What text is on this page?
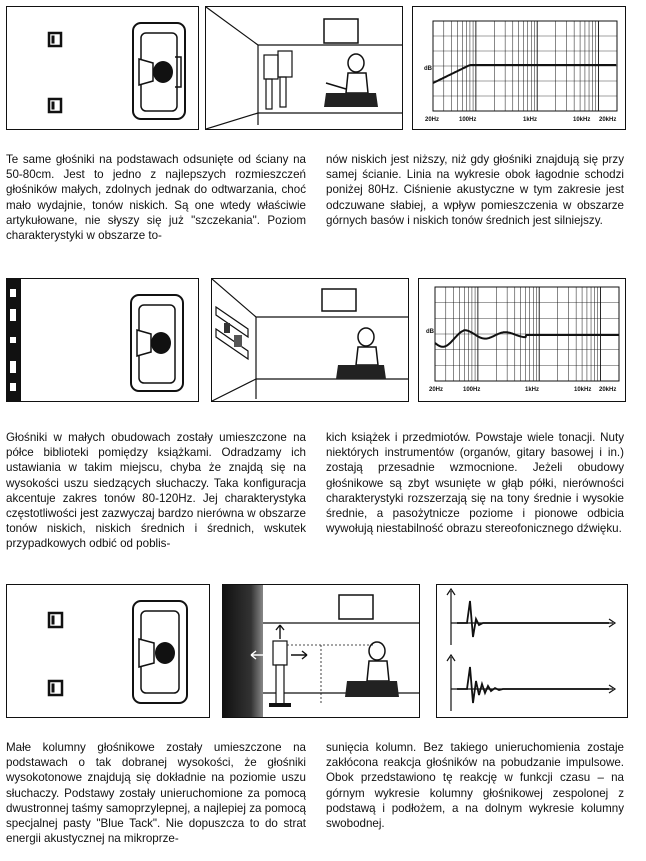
dB
20Hz	100Hz	1kHz	10kHz 20kHz

Te same głośniki na podstawach odsunięte od ściany na 50-80cm. Jest to jedno z najlepszych rozmieszczeń głośników małych, zdolnych jednak do odtwarzania, choć mało wydajnie, tonów niskich. Są one wtedy właściwie artykułowane, nie słyszy się już "szczekania". Poziom charakterystyki w obszarze to-

nów niskich jest niższy, niż gdy głośniki znajdują się przy samej ścianie. Linia na wykresie obok łagodnie schodzi poniżej 80Hz. Ciśnienie akustyczne w tym zakresie jest odczuwane słabiej, a wpływ pomieszczenia w obszarze górnych basów i niskich tonów średnich jest silniejszy.

dB
20Hz	100Hz	1kHz	10kHz 20kHz

Głośniki w małych obudowach zostały umieszczone na półce biblioteki pomiędzy książkami. Odradzamy ich ustawiania w takim miejscu, chyba że znajdą się na wysokości uszu siedzących słuchaczy. Taka konfiguracja akcentuje zakres tonów 80-120Hz. Jej charakterystyka częstotliwości jest zazwyczaj bardzo nierówna w obszarze tonów niskich, niskich średnich i średnich, wskutek przypadkowych odbić od poblis-

kich książek i przedmiotów. Powstaje wiele tonacji. Nuty niektórych instrumentów (organów, gitary basowej i in.) zostają przesadnie wzmocnione. Jeżeli obudowy głośnikowe są zbyt wsunięte w głąb półki, nierówności charakterystyki rozszerzają się na tony średnie i wysokie średnie, a pasożytnicze poziome i pionowe odbicia wywołują niestabilność obrazu stereofonicznego dźwięku.

Małe kolumny głośnikowe zostały umieszczone na podstawach o tak dobranej wysokości, że głośniki wysokotonowe znajdują się dokładnie na poziomie uszu słuchaczy. Podstawy zostały unieruchomione za pomocą dwustronnej taśmy samoprzylepnej, a najlepiej za pomocą specjalnej pasty "Blue Tack". Nie dopuszcza to do strat energii akustycznej na mikroprze-

sunięcia kolumn. Bez takiego unieruchomienia zostaje zakłócona reakcja głośników na pobudzanie impulsowe. Obok przedstawiono tę reakcję w funkcji czasu – na górnym wykresie kolumny głośnikowej zespolonej z podstawą i podłożem, a na dolnym wykresie kolumny swobodnej.
